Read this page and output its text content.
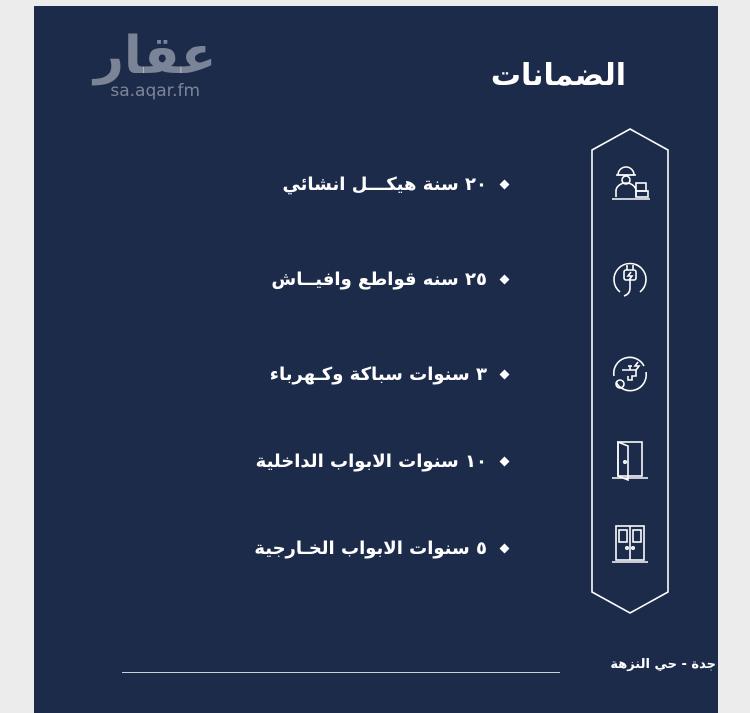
عقار
sa.aqar.fm	الضمانات
٢٠ سنة هيكـــل انشائي
٢٥ سنه قواطع وافيــاش
٣ سنوات سباكة وكـهرباء
١٠ سنوات الابواب الداخلية
٥ سنوات الابواب الخـارجية
جدة - حي النزهة
